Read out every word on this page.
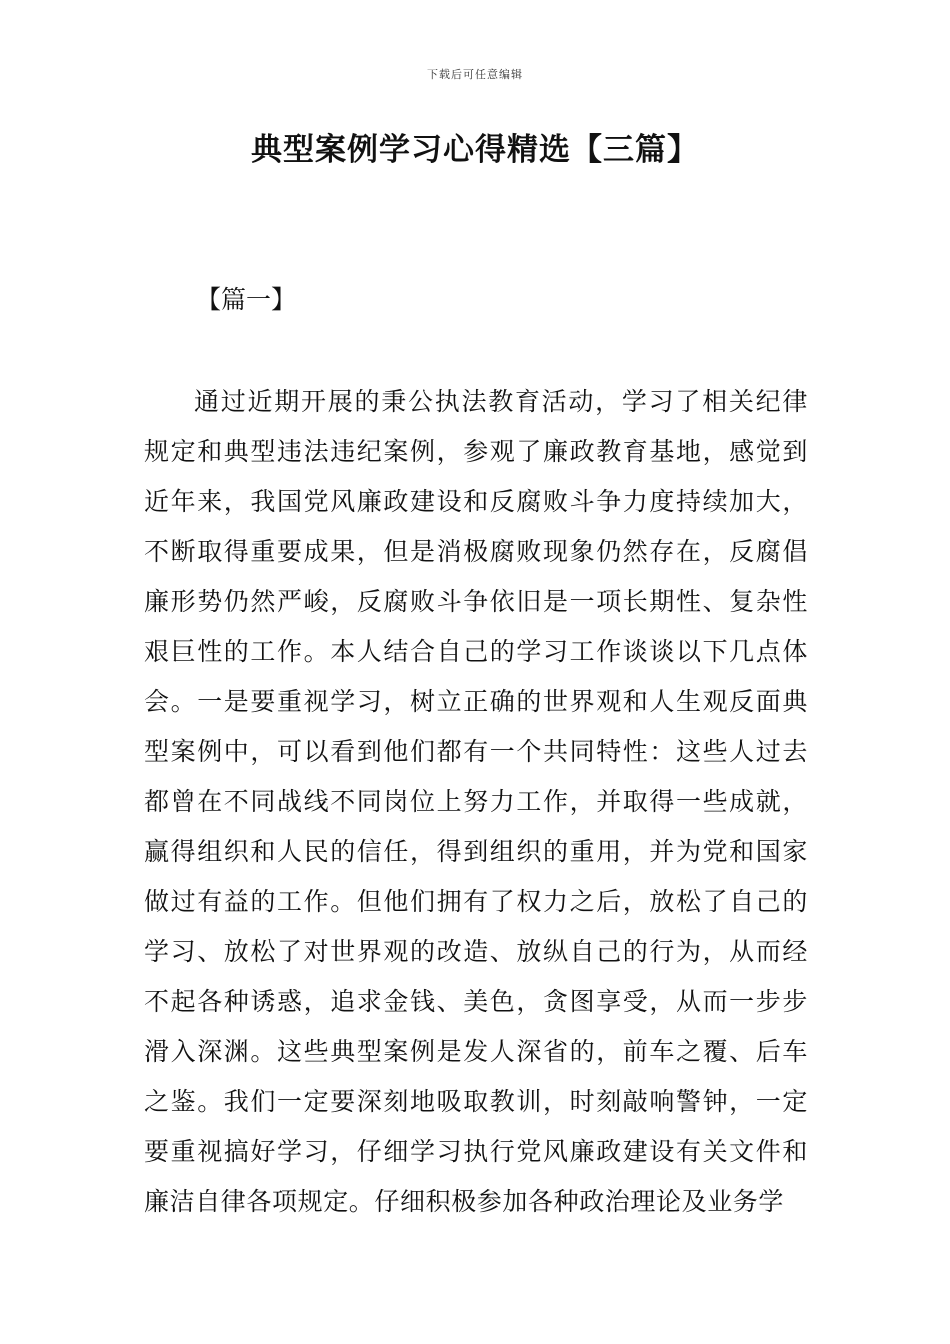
下载后可任意编辑
典型案例学习心得精选【三篇】
【篇一】

通过近期开展的秉公执法教育活动，学习了相关纪律规定和典型违法违纪案例，参观了廉政教育基地，感觉到近年来，我国党风廉政建设和反腐败斗争力度持续加大，不断取得重要成果，但是消极腐败现象仍然存在，反腐倡廉形势仍然严峻，反腐败斗争依旧是一项长期性、复杂性艰巨性的工作。本人结合自己的学习工作谈谈以下几点体会。一是要重视学习，树立正确的世界观和人生观反面典型案例中，可以看到他们都有一个共同特性：这些人过去都曾在不同战线不同岗位上努力工作，并取得一些成就，赢得组织和人民的信任，得到组织的重用，并为党和国家做过有益的工作。但他们拥有了权力之后，放松了自己的学习、放松了对世界观的改造、放纵自己的行为，从而经不起各种诱惑，追求金钱、美色，贪图享受，从而一步步滑入深渊。这些典型案例是发人深省的，前车之覆、后车之鉴。我们一定要深刻地吸取教训，时刻敲响警钟，一定要重视搞好学习，仔细学习执行党风廉政建设有关文件和廉洁自律各项规定。仔细积极参加各种政治理论及业务学
